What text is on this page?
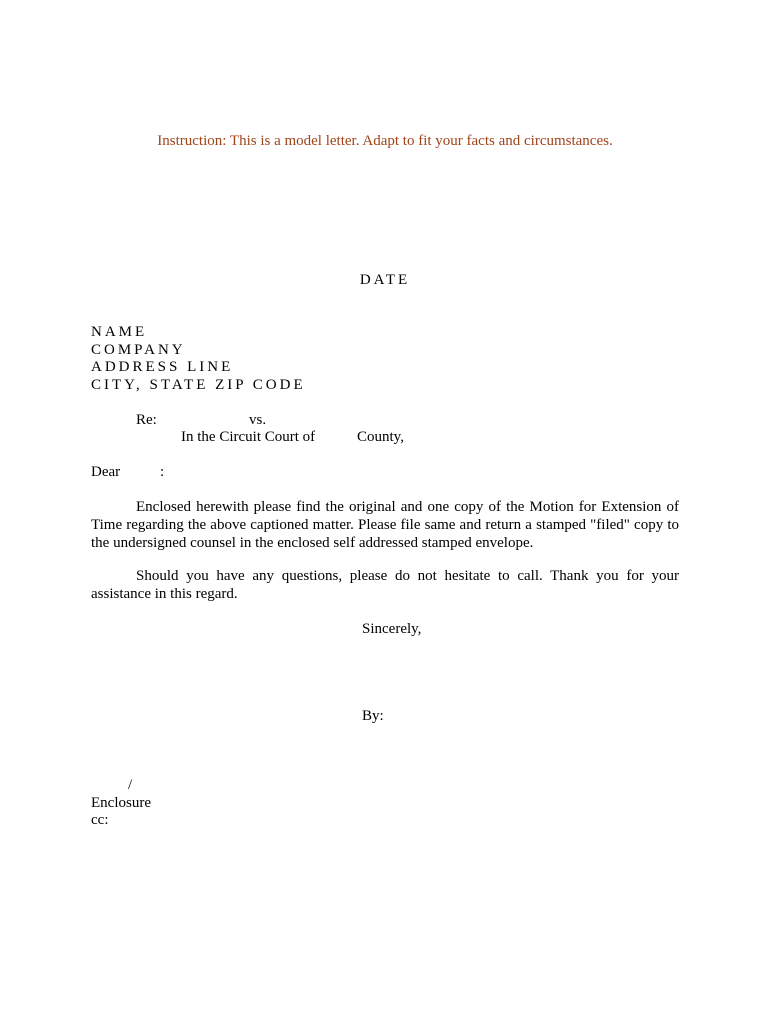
Instruction: This is a model letter. Adapt to fit your facts and circumstances.
DATE
NAME
COMPANY
ADDRESS LINE
CITY, STATE ZIP CODE
Re:	vs.
In the Circuit Court of	County,
Dear	:

Enclosed herewith please find the original and one copy of the Motion for Extension of Time regarding the above captioned matter. Please file same and return a stamped "filed" copy to the undersigned counsel in the enclosed self addressed stamped envelope.

Should you have any questions, please do not hesitate to call. Thank you for your assistance in this regard.

Sincerely,
By:
/
Enclosure
cc:
